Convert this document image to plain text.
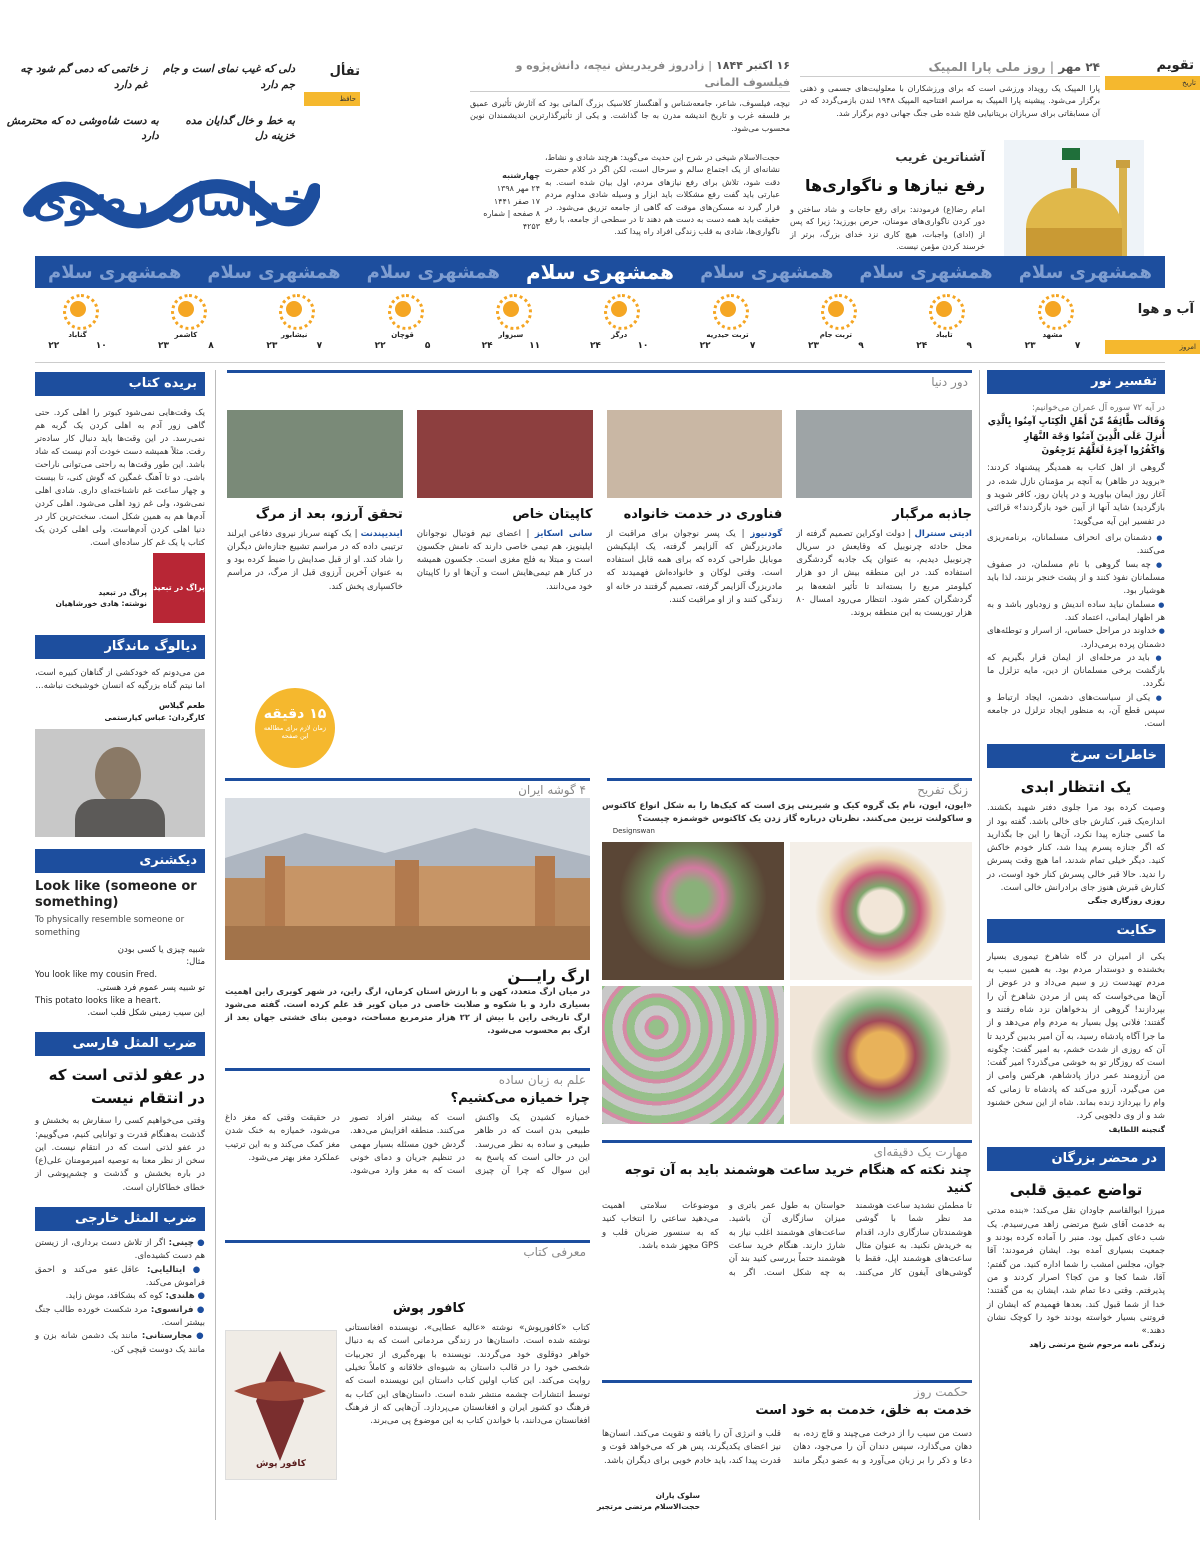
تقویم
تاریخ
۲۴ مهر | روز ملی پارا المپیک
پارا المپیک یک رویداد ورزشی است که برای ورزشکاران با معلولیت‌های جسمی و ذهنی برگزار می‌شود. پیشینه پارا المپیک به مراسم افتتاحیه المپیک ۱۹۴۸ لندن بازمی‌گردد که در آن مسابقاتی برای سربازان بریتانیایی فلج شده طی جنگ جهانی دوم برگزار شد.
۱۶ اکتبر ۱۸۴۴ | زادروز فریدریش نیچه، دانش‌پژوه و فیلسوف المانی
نیچه، فیلسوف، شاعر، جامعه‌شناس و آهنگساز کلاسیک بزرگ آلمانی بود که آثارش تأثیری عمیق بر فلسفه غرب و تاریخ اندیشه مدرن به جا گذاشت. و یکی از تأثیرگذارترین اندیشمندان نوین محسوب می‌شود.
تفأل
حافظ
دلی که غیب نمای است و جام جم دارد
ز خاتمی که دمی گم شود چه غم دارد
به خط و خال گدایان مده خزینه دل
به دست شاه‌وشی ده که محترمش دارد
آشناترین غریب
رفع نیازها و ناگواری‌ها
امام رضا(ع) فرمودند: برای رفع حاجات و شاد ساختن و دور کردن ناگواری‌های مومنان، حرص بورزید؛ زیرا که پس از (ادای) واجبات، هیچ کاری نزد خدای بزرگ، برتر از خرسند کردن مؤمن نیست.
حجت‌الاسلام شیخی در شرح این حدیث می‌گوید: هرچند شادی و نشاط، نشانه‌ای از یک اجتماع سالم و سرحال است، لکن اگر در کلام حضرت دقت شود، تلاش برای رفع نیازهای مردم، اول بیان شده است. به عبارتی باید گفت رفع مشکلات باید ابزار و وسیله شادی مداوم مردم قرار گیرد نه مسکن‌های موقت که گاهی از جامعه تزریق می‌شود. در حقیقت باید همه دست به دست هم دهند تا در سطحی از جامعه، با رفع ناگواری‌ها، شادی به قلب زندگی افراد راه پیدا کند.
خراسان رضوی	چهارشنبه
۲۴ مهر ۱۳۹۸
۱۷ صفر ۱۴۴۱
۸ صفحه | شماره ۴۲۵۳
همشهری سلام
همشهری سلام
همشهری سلام
همشهری سلام
همشهری سلام
همشهری سلام
همشهری سلام
آب و هوا
امروز
مشهد
۷
۲۳
تایباد
۹
۲۴
تربت جام
۹
۲۳
تربت حیدریه
۷
۲۲
درگز
۱۰
۲۴
سبزوار
۱۱
۲۴
قوچان
۵
۲۲
نیشابور
۷
۲۳
کاشمر
۸
۲۳
گناباد
۱۰
۲۲
تفسیر نور
در آیه ۷۲ سوره آل عمران می‌خوانیم:
وَقَالَت طَّائِفَةٌ مِّنْ أَهْلِ الْكِتَابِ آمِنُوا بِالَّذِي أُنزِلَ عَلَى الَّذِينَ آمَنُوا وَجْهَ النَّهَارِ وَاكْفُرُوا آخِرَهُ لَعَلَّهُمْ يَرْجِعُونَ
گروهی از اهل کتاب به همدیگر پیشنهاد کردند: «بروید در ظاهر) به آنچه بر مؤمنان نازل شده، در آغاز روز ایمان بیاورید و در پایان روز، کافر شوید و بازگردید) شاید آنها از آیین خود بازگردند!» قرائتی در تفسیر این آیه می‌گوید:
● دشمنان برای انحراف مسلمانان، برنامه‌ریزی می‌کنند.
● چه بسا گروهی با نام مسلمان، در صفوف مسلمانان نفوذ کنند و از پشت خنجر بزنند، لذا باید هوشیار بود.
● مسلمان نباید ساده اندیش و زودباور باشد و به هر اظهار ایمانی، اعتماد کند.
● خداوند در مراحل حساس، از اسرار و توطئه‌های دشمنان پرده برمی‌دارد.
● باید در مرحله‌ای از ایمان قرار بگیریم که بازگشت برخی مسلمانان از دین، مایه تزلزل ما نگردد.
● یکی از سیاست‌های دشمن، ایجاد ارتباط و سپس قطع آن، به منظور ایجاد تزلزل در جامعه است.
خاطرات سرخ
یک انتظار ابدی
وصیت کرده بود مرا جلوی دفتر شهید بکشند. اندازه‌یک قبر، کنارش جای خالی باشد. گفته بود از ما کسی جنازه پیدا نکرد، آن‌ها را این جا بگذارید که اگر جنازه پسرم پیدا شد، کنار خودم خاکش کنید. دیگر خیلی تمام شدند، اما هیچ وقت پسرش را ندید. حالا قبر خالی پسرش کنار خود اوست، در کنارش قبرش هنوز جای برادرانش خالی است.
روزی روزگاری جنگی
حکایت
یکی از امیران در گاه شاهرخ تیموری بسیار بخشنده و دوستدار مردم بود. به همین سبب به مردم تهیدست زر و سیم می‌داد و در عوض از آن‌ها می‌خواست که پس از مردن شاهرخ آن را بپردازند! گروهی از بدخواهان نزد شاه رفتند و گفتند: فلانی پول بسیار به مردم وام می‌دهد و از ما جرا آگاه پادشاه رسید، به آن امیر بدبین گردید تا آن که روزی از شدت خشم، به امیر گفت: چگونه است که روزگار تو به خوشی می‌گذرد؟ امیر گفت: من آرزومند عمر دراز پادشاهم، هرکس وامی از من می‌گیرد، آرزو می‌کند که پادشاه تا زمانی که وام را بپردازد زنده بماند. شاه از این سخن خشنود شد و از وی دلجویی کرد.
گنجینه اللطایف
در محضر بزرگان
تواضع عمیق قلبی
میرزا ابوالقاسم جاودان نقل می‌کند: «بنده مدتی به خدمت آقای شیخ مرتضی زاهد می‌رسیدم. یک شب دعای کمیل بود. منبر را آماده کرده بودند و جمعیت بسیاری آمده بود. ایشان فرمودند: آقا جوان، مجلس امشب را شما اداره کنید. من گفتم: آقا، شما کجا و من کجا؟ اصرار کردند و من پذیرفتم. وقتی دعا تمام شد، ایشان به من گفتند: خدا از شما قبول کند. بعدها فهمیدم که ایشان از فروتنی بسیار خواسته بودند خود را کوچک نشان دهند.»
زندگی نامه مرحوم شیخ مرتضی زاهد
بریده کتاب
یک وقت‌هایی نمی‌شود کبوتر را اهلی کرد. حتی گاهی زور آدم به اهلی کردن یک گربه هم نمی‌رسد. در این وقت‌ها باید دنبال کار ساده‌تر رفت. مثلاً همیشه دست خودت آدم نیست که شاد باشد. این طور وقت‌ها به راحتی می‌توانی ناراحت باشی. دو تا آهنگ غمگین که گوش کنی، تا بیست و چهار ساعت غم ناشناخته‌ای داری. شادی اهلی نمی‌شود، ولی غم زود اهلی می‌شود. اهلی کردن آدم‌ها هم به همین شکل است. سخت‌ترین کار در دنیا اهلی کردن آدم‌هاست. ولی اهلی کردن یک کتاب یا یک غم کار ساده‌ای است.
پراگ در تبعید
پراگ در تبعید
نوشته: هادی خورشاهیان
دیالوگ ماندگار
من می‌دونم که خودکشی از گناهان کبیره است، اما نیتم گناه بزرگیه که انسان خوشبخت نباشه...
طعم گیلاس
کارگردان: عباس کیارستمی
دیکشنری
Look like (someone or something)
To physically resemble someone or something
شبیه چیزی یا کسی بودن
مثال:
You look like my cousin Fred.
تو شبیه پسر عموم فرد هستی.
This potato looks like a heart.
این سیب زمینی شکل قلب است.
ضرب المثل فارسی
در عفو لذتی است که در انتقام نیست
وقتی می‌خواهیم کسی را سفارش به بخشش و گذشت به‌هنگام قدرت و توانایی کنیم، می‌گوییم: در عفو لذتی است که در انتقام نیست. این سخن از نظر معنا به توصیه امیرمومنان علی(ع) در باره بخشش و گذشت و چشم‌پوشی از خطای خطاکاران است.
ضرب المثل خارجی
● چینی: اگر از تلاش دست برداری، از زیستن هم دست کشیده‌ای.
● ایتالیایی: عاقل عفو می‌کند و احمق فراموش می‌کند.
● هلندی: کوه که بشکافد، موش زاید.
● فرانسوی: مرد شکست خورده طالب جنگ بیشتر است.
● مجارستانی: مانند یک دشمن شانه بزن و مانند یک دوست قیچی کن.
دور دنیا
جاذبه مرگبار
ادیتی سنترال | دولت اوکراین تصمیم گرفته از محل حادثه چرنوبیل که وقایعش در سریال چرنوبیل دیدیم، به عنوان یک جاذبه گردشگری استفاده کند. در این منطقه بیش از دو هزار کیلومتر مربع را بسته‌اند تا تأثیر اشعه‌ها بر گردشگران کمتر شود. انتظار می‌رود امسال ۸۰ هزار توریست به این منطقه بروند.
فناوری در خدمت خانواده
گودنیوز | یک پسر نوجوان برای مراقبت از مادربزرگش که آلزایمر گرفته، یک اپلیکیشن موبایل طراحی کرده که برای همه قابل استفاده است. وقتی لوکان و خانواده‌اش فهمیدند که مادربزرگ آلزایمر گرفته، تصمیم گرفتند در خانه او زندگی کنند و از او مراقبت کنند.
کاپیتان خاص
سانی اسکایز | اعضای تیم فوتبال نوجوانان ایلینویز، هم تیمی خاصی دارند که نامش جکسون است و مبتلا به فلج مغزی است. جکسون همیشه در کنار هم تیمی‌هایش است و آن‌ها او را کاپیتان خود می‌دانند.
تحقق آرزو، بعد از مرگ
ایندیپندنت | یک کهنه سرباز نیروی دفاعی ایرلند ترتیبی داده که در مراسم تشییع جنازه‌اش دیگران را شاد کند. او از قبل صدایش را ضبط کرده بود و به عنوان آخرین آرزوی قبل از مرگ، در مراسم خاکسپاری پخش کند.
۱۵ دقیقه
زمان لازم برای مطالعه این صفحه
۴ گوشه ایران
ارگ رایـــن
در میان ارگ متعدد، کهن و با ارزش استان کرمان، ارگ راین، در شهر کویری راین اهمیت بسیاری دارد و با شکوه و صلابت خاصی در میان کویر قد علم کرده است. گفته می‌شود ارگ تاریخی راین با بیش از ۲۲ هزار مترمربع مساحت، دومین بنای خشتی جهان بعد از ارگ بم محسوب می‌شود.
زنگ تفریح
«ایون، ایون، نام یک گروه کیک و شیرینی پزی است که کیک‌ها را به شکل انواع کاکتوس و ساکولنت تزیین می‌کنند. نظرتان درباره گاز زدن یک کاکتوس خوشمزه چیست؟
Designswan
علم به زبان ساده
چرا خمیازه می‌کشیم؟
خمیازه کشیدن یک واکنش طبیعی بدن است که در ظاهر طبیعی و ساده به نظر می‌رسد. این در حالی است که پاسخ به این سوال که چرا آن چیزی است که بیشتر افراد تصور می‌کنند. منطقه افزایش می‌دهد. گردش خون مسئله بسیار مهمی در تنظیم جریان و دمای خونی است که به مغز وارد می‌شود. در حقیقت وقتی که مغز داغ می‌شود، خمیازه به خنک شدن مغز کمک می‌کند و به این ترتیب عملکرد مغز بهتر می‌شود.	مهارت یک دقیقه‌ای
چند نکته که هنگام خرید ساعت هوشمند باید به آن توجه کنید
تا مطمئن نشدید ساعت هوشمند مد نظر شما با گوشی هوشمندتان سازگاری دارد، اقدام به خریدش نکنید. به عنوان مثال ساعت‌های هوشمند اپل، فقط با گوشی‌های آیفون کار می‌کنند. حواستان به طول عمر باتری و میزان سازگاری آن باشید. ساعت‌های هوشمند اغلب نیاز به شارژ دارند. هنگام خرید ساعت هوشمند حتماً بررسی کنید بند آن به چه شکل است. اگر به موضوعات سلامتی اهمیت می‌دهید ساعتی را انتخاب کنید که به سنسور ضربان قلب و GPS مجهز شده باشد.
معرفی کتاب
کافور پوش
کتاب «کافورپوش» نوشته «عالیه عطایی»، نویسنده افغانستانی نوشته شده است. داستان‌ها در زندگی مردمانی است که به دنبال خواهر دوقلوی خود می‌گردند. نویسنده با بهره‌گیری از تجربیات شخصی خود را در قالب داستان به شیوه‌ای خلاقانه و کاملاً تخیلی روایت می‌کند. این کتاب اولین کتاب داستان این نویسنده است که توسط انتشارات چشمه منتشر شده است. داستان‌های این کتاب به فرهنگ دو کشور ایران و افغانستان می‌پردازد. آن‌هایی که از فرهنگ افغانستان می‌دانند، با خواندن کتاب به این موضوع پی می‌برند.
کافور پوش
حکمت روز
خدمت به خلق، خدمت به خود است
دست من سیب را از درخت می‌چیند و قاچ زده، به دهان می‌گذارد، سپس دندان آن را می‌جود، دهان دعا و ذکر را بر زبان می‌آورد و به عضو دیگر مانند قلب و انرژی آن را یافته و تقویت می‌کند. انسان‌ها نیز اعضای یکدیگرند، پس هر که می‌خواهد قوت و قدرت پیدا کند، باید خادم خوبی برای دیگران باشد.
سلوک یاران
حجت‌الاسلام مرتضی مرتجبر
